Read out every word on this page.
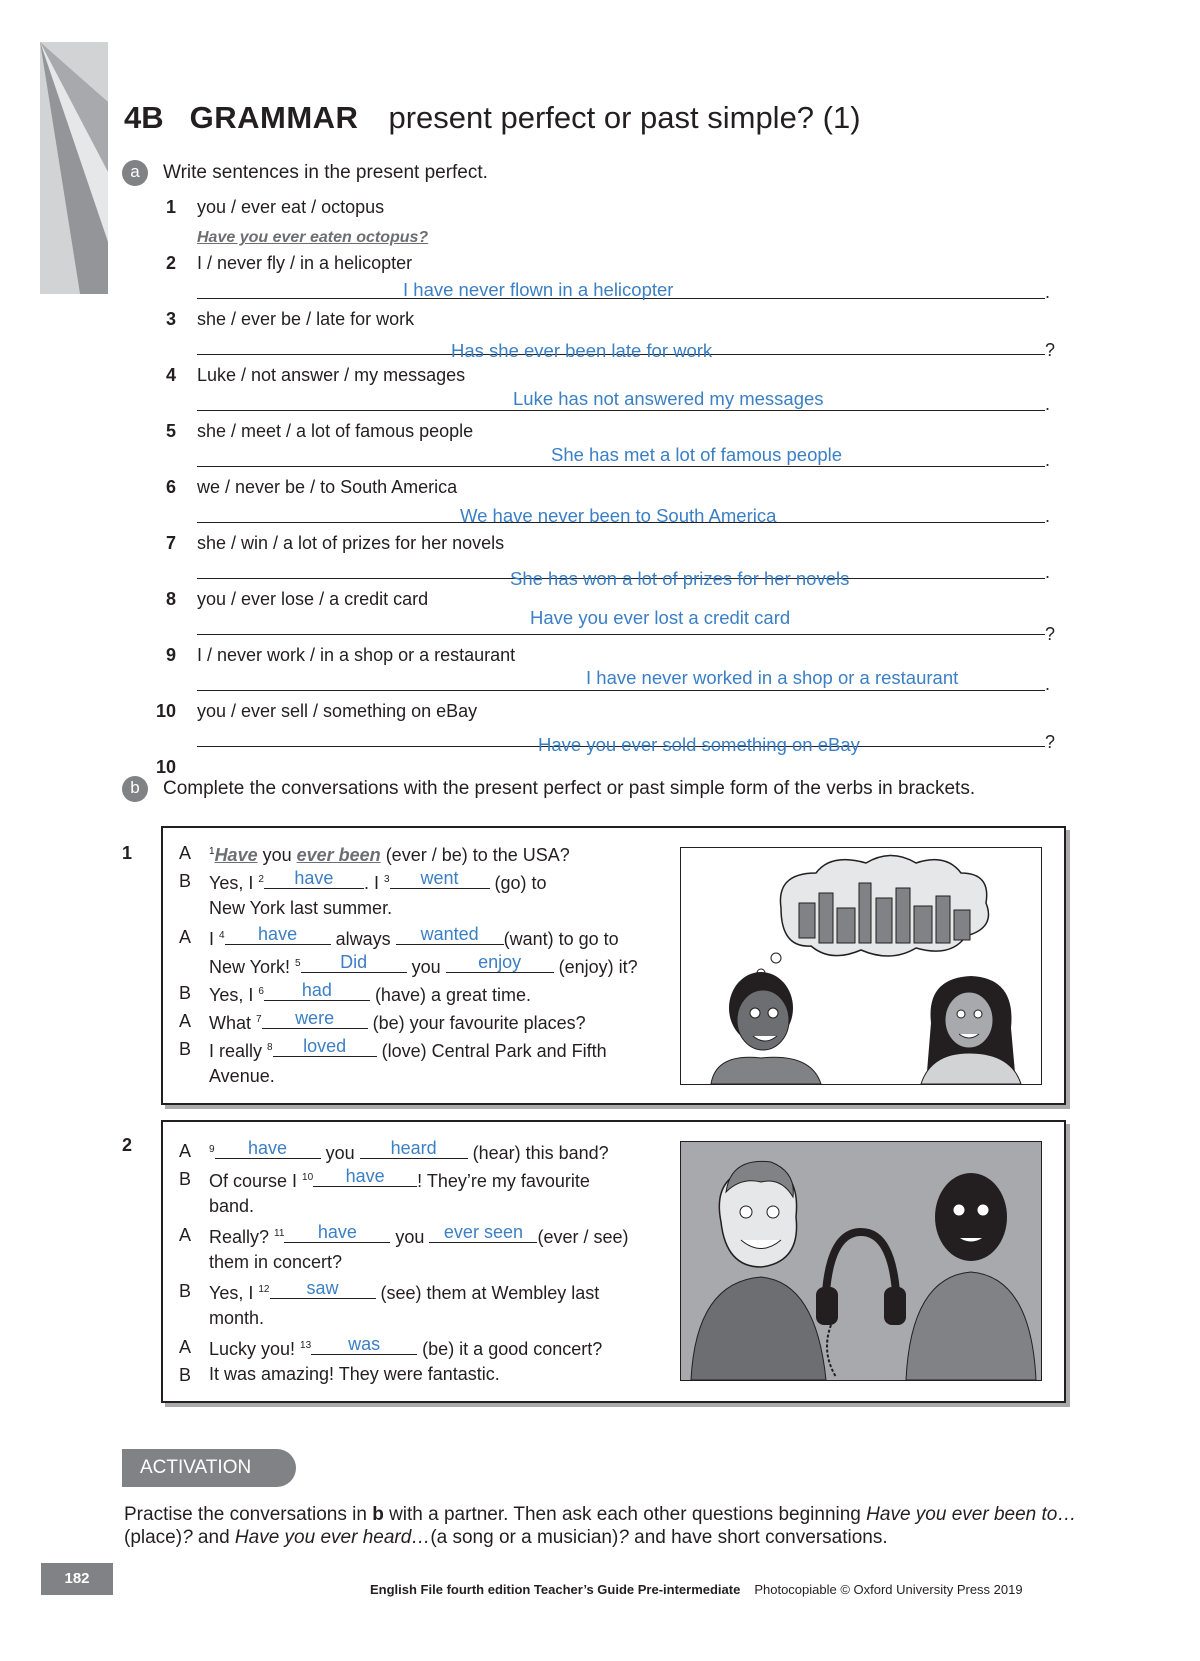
4B GRAMMAR present perfect or past simple? (1)
a	Write sentences in the present perfect.
1 you / ever eat / octopus
Have you ever eaten octopus?
2 I / never fly / in a helicopter
I have never flown in a helicopter	.
3 she / ever be / late for work
Has she ever been late for work	?
4 Luke / not answer / my messages
Luke has not answered my messages	.
5 she / meet / a lot of famous people
She has met a lot of famous people	.
6 we / never be / to South America
We have never been to South America	.
7 she / win / a lot of prizes for her novels
She has won a lot of prizes for her novels	.
8 you / ever lose / a credit card
Have you ever lost a credit card
?
9 I / never work / in a shop or a restaurant
I have never worked in a shop or a restaurant	.
10 you / ever sell / something on eBay
Have you ever sold something on eBay	?
b	Complete the conversations with the present perfect or past simple form of the verbs in brackets.
1	A $^1$Have you ever been (ever / be) to the USA?
B Yes, I $^2$	have	. I $^3$	went	(go) to
New York last summer.
A I $^4$	have	always	wanted	(want) to go to
New York! $^5$	Did	you	enjoy	(enjoy) it?
B Yes, I $^6$	had	(have) a great time.
A What $^7$	were	(be) your favourite places?
B I really $^8$	loved	(love) Central Park and Fifth
Avenue.
2	A $^9$	have	you	heard	(hear) this band?
B Of course I $^{10}$	have	! They’re my favourite
band.
A Really? $^{11}$	have	you ever seen (ever / see)
them in concert?
B Yes, I $^{12}$	saw	(see) them at Wembley last
month.
A Lucky you! $^{13}$	was	(be) it a good concert?
B It was amazing! They were fantastic.
ACTIVATION
Practise the conversations in b with a partner. Then ask each other questions beginning Have you ever been to…(place)? and Have you ever heard…(a song or a musician)? and have short conversations.
182
English File fourth edition Teacher’s Guide Pre-intermediate Photocopiable © Oxford University Press 2019
10
